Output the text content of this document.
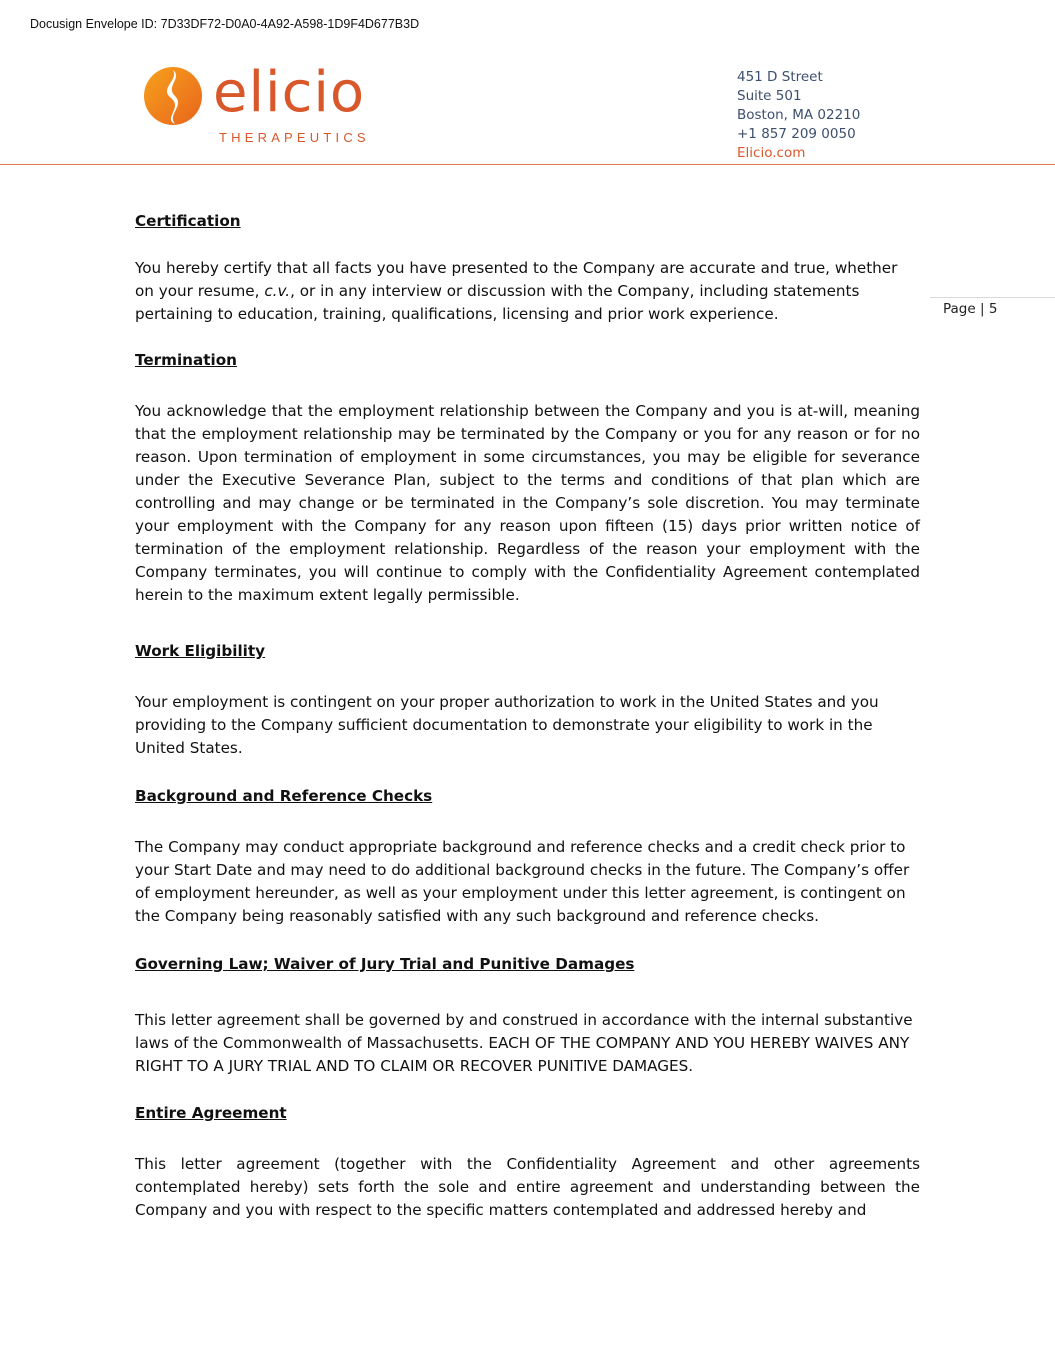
Docusign Envelope ID: 7D33DF72-D0A0-4A92-A598-1D9F4D677B3D
elicio
THERAPEUTICS
451 D Street
Suite 501
Boston, MA 02210
+1 857 209 0050
Elicio.com
Page | 5
Certification
You hereby certify that all facts you have presented to the Company are accurate and true, whether on your resume, c.v., or in any interview or discussion with the Company, including statements pertaining to education, training, qualifications, licensing and prior work experience.
Termination
You acknowledge that the employment relationship between the Company and you is at-will, meaning that the employment relationship may be terminated by the Company or you for any reason or for no reason. Upon termination of employment in some circumstances, you may be eligible for severance under the Executive Severance Plan, subject to the terms and conditions of that plan which are controlling and may change or be terminated in the Company’s sole discretion. You may terminate your employment with the Company for any reason upon fifteen (15) days prior written notice of termination of the employment relationship. Regardless of the reason your employment with the Company terminates, you will continue to comply with the Confidentiality Agreement contemplated herein to the maximum extent legally permissible.
Work Eligibility
Your employment is contingent on your proper authorization to work in the United States and you providing to the Company sufficient documentation to demonstrate your eligibility to work in the United States.
Background and Reference Checks
The Company may conduct appropriate background and reference checks and a credit check prior to your Start Date and may need to do additional background checks in the future. The Company’s offer of employment hereunder, as well as your employment under this letter agreement, is contingent on the Company being reasonably satisfied with any such background and reference checks.
Governing Law; Waiver of Jury Trial and Punitive Damages
This letter agreement shall be governed by and construed in accordance with the internal substantive laws of the Commonwealth of Massachusetts. EACH OF THE COMPANY AND YOU HEREBY WAIVES ANY RIGHT TO A JURY TRIAL AND TO CLAIM OR RECOVER PUNITIVE DAMAGES.
Entire Agreement
This letter agreement (together with the Confidentiality Agreement and other agreements contemplated hereby) sets forth the sole and entire agreement and understanding between the Company and you with respect to the specific matters contemplated and addressed hereby and
